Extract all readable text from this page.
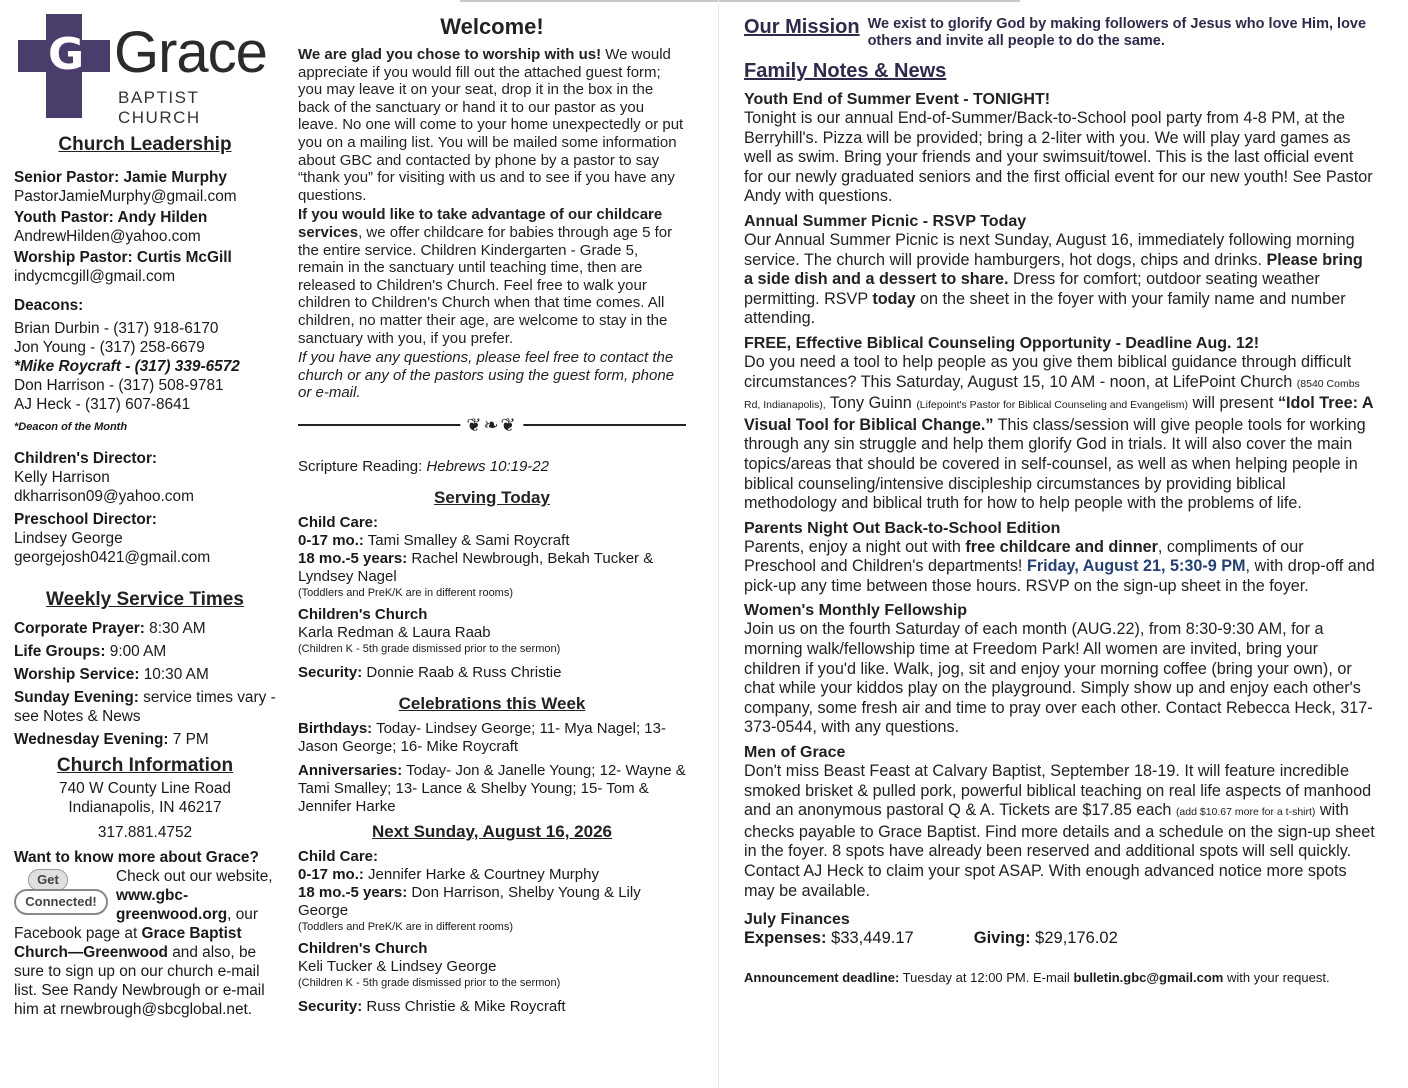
G Grace
BAPTIST CHURCH
Church Leadership
Senior Pastor: Jamie Murphy
PastorJamieMurphy@gmail.com
Youth Pastor: Andy Hilden
AndrewHilden@yahoo.com
Worship Pastor: Curtis McGill
indycmcgill@gmail.com
Deacons:
Brian Durbin - (317) 918-6170
Jon Young - (317) 258-6679
*Mike Roycraft - (317) 339-6572
Don Harrison - (317) 508-9781
AJ Heck - (317) 607-8641
*Deacon of the Month
Children's Director:
Kelly Harrison
dkharrison09@yahoo.com
Preschool Director:
Lindsey George
georgejosh0421@gmail.com
Weekly Service Times
Corporate Prayer: 8:30 AM
Life Groups: 9:00 AM
Worship Service: 10:30 AM
Sunday Evening: service times vary - see Notes & News
Wednesday Evening: 7 PM
Church Information
740 W County Line Road
Indianapolis, IN 46217
317.881.4752
Want to know more about Grace?
Get
Connected!
Check out our website, www.gbc-greenwood.org, our Facebook page at Grace Baptist Church—Greenwood and also, be sure to sign up on our church e-mail list. See Randy Newbrough or e-mail him at rnewbrough@sbcglobal.net.
Welcome!

We are glad you chose to worship with us! We would appreciate if you would fill out the attached guest form; you may leave it on your seat, drop it in the box in the back of the sanctuary or hand it to our pastor as you leave. No one will come to your home unexpectedly or put you on a mailing list. You will be mailed some information about GBC and contacted by phone by a pastor to say “thank you” for visiting with us and to see if you have any questions.

If you would like to take advantage of our childcare services, we offer childcare for babies through age 5 for the entire service. Children Kindergarten - Grade 5, remain in the sanctuary until teaching time, then are released to Children's Church. Feel free to walk your children to Children's Church when that time comes. All children, no matter their age, are welcome to stay in the sanctuary with you, if you prefer.

If you have any questions, please feel free to contact the church or any of the pastors using the guest form, phone or e-mail.

❦❧❦
Scripture Reading: Hebrews 10:19-22
Serving Today
Child Care:
0-17 mo.: Tami Smalley & Sami Roycraft
18 mo.-5 years: Rachel Newbrough, Bekah Tucker & Lyndsey Nagel
(Toddlers and PreK/K are in different rooms)
Children's Church
Karla Redman & Laura Raab
(Children K - 5th grade dismissed prior to the sermon)
Security: Donnie Raab & Russ Christie
Celebrations this Week
Birthdays: Today- Lindsey George; 11- Mya Nagel; 13- Jason George; 16- Mike Roycraft
Anniversaries: Today- Jon & Janelle Young; 12- Wayne & Tami Smalley; 13- Lance & Shelby Young; 15- Tom & Jennifer Harke
Next Sunday, August 16, 2026
Child Care:
0-17 mo.: Jennifer Harke & Courtney Murphy
18 mo.-5 years: Don Harrison, Shelby Young & Lily George
(Toddlers and PreK/K are in different rooms)
Children's Church
Keli Tucker & Lindsey George
(Children K - 5th grade dismissed prior to the sermon)
Security: Russ Christie & Mike Roycraft
Our Mission We exist to glorify God by making followers of Jesus who love Him, love others and invite all people to do the same.
Family Notes & News
Youth End of Summer Event - TONIGHT!
Tonight is our annual End-of-Summer/Back-to-School pool party from 4-8 PM, at the Berryhill's. Pizza will be provided; bring a 2-liter with you. We will play yard games as well as swim. Bring your friends and your swimsuit/towel. This is the last official event for our newly graduated seniors and the first official event for our new youth! See Pastor Andy with questions.
Annual Summer Picnic - RSVP Today
Our Annual Summer Picnic is next Sunday, August 16, immediately following morning service. The church will provide hamburgers, hot dogs, chips and drinks. Please bring a side dish and a dessert to share. Dress for comfort; outdoor seating weather permitting. RSVP today on the sheet in the foyer with your family name and number attending.
FREE, Effective Biblical Counseling Opportunity - Deadline Aug. 12!
Do you need a tool to help people as you give them biblical guidance through difficult circumstances? This Saturday, August 15, 10 AM - noon, at LifePoint Church (8540 Combs Rd, Indianapolis), Tony Guinn (Lifepoint's Pastor for Biblical Counseling and Evangelism) will present “Idol Tree: A Visual Tool for Biblical Change.” This class/session will give people tools for working through any sin struggle and help them glorify God in trials. It will also cover the main topics/areas that should be covered in self-counsel, as well as when helping people in biblical counseling/intensive discipleship circumstances by providing biblical methodology and biblical truth for how to help people with the problems of life.
Parents Night Out Back-to-School Edition
Parents, enjoy a night out with free childcare and dinner, compliments of our Preschool and Children's departments! Friday, August 21, 5:30-9 PM, with drop-off and pick-up any time between those hours. RSVP on the sign-up sheet in the foyer.
Women's Monthly Fellowship
Join us on the fourth Saturday of each month (AUG.22), from 8:30-9:30 AM, for a morning walk/fellowship time at Freedom Park! All women are invited, bring your children if you'd like. Walk, jog, sit and enjoy your morning coffee (bring your own), or chat while your kiddos play on the playground. Simply show up and enjoy each other's company, some fresh air and time to pray over each other. Contact Rebecca Heck, 317-373-0544, with any questions.
Men of Grace
Don't miss Beast Feast at Calvary Baptist, September 18-19. It will feature incredible smoked brisket & pulled pork, powerful biblical teaching on real life aspects of manhood and an anonymous pastoral Q & A. Tickets are $17.85 each (add $10.67 more for a t-shirt) with checks payable to Grace Baptist. Find more details and a schedule on the sign-up sheet in the foyer. 8 spots have already been reserved and additional spots will sell quickly. Contact AJ Heck to claim your spot ASAP. With enough advanced notice more spots may be available.
July Finances
Expenses: $33,449.17	Giving: $29,176.02
Announcement deadline: Tuesday at 12:00 PM. E-mail bulletin.gbc@gmail.com with your request.
